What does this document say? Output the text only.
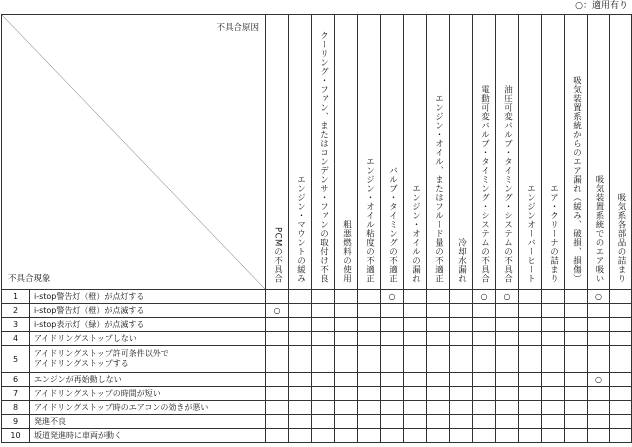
○：適用有り
不具合原因
不具合現象		PCMの不具合	エンジン・マウントの緩み	クーリング・ファン、またはコンデンサ・ファンの取付け不良	粗悪燃料の使用	エンジン・オイル粘度の不適正	バルブ・タイミングの不適正	エンジン・オイルの漏れ	エンジン・オイル、またはフルード量の不適正	冷却水漏れ	電動可変バルブ・タイミング・システムの不具合	油圧可変バルブ・タイミング・システムの不具合	エンジンオーバーヒート	エア・クリーナの詰まり	吸気装置系統からのエア漏れ（緩み、破損、損傷）	吸気装置系統でのエア吸い	吸気系各部品の詰まり
1	i-stop警告灯（橙）が点灯する						○				○	○				○	
2	i-stop警告灯（橙）が点滅する	○															
3	i-stop表示灯（緑）が点滅する																
4	アイドリングストップしない																
5	アイドリングストップ許可条件以外で
アイドリングストップする																
6	エンジンが再始動しない															○	
7	アイドリングストップの時間が短い																
8	アイドリングストップ時のエアコンの効きが悪い																
9	発進不良																
10	坂道発進時に車両が動く																
